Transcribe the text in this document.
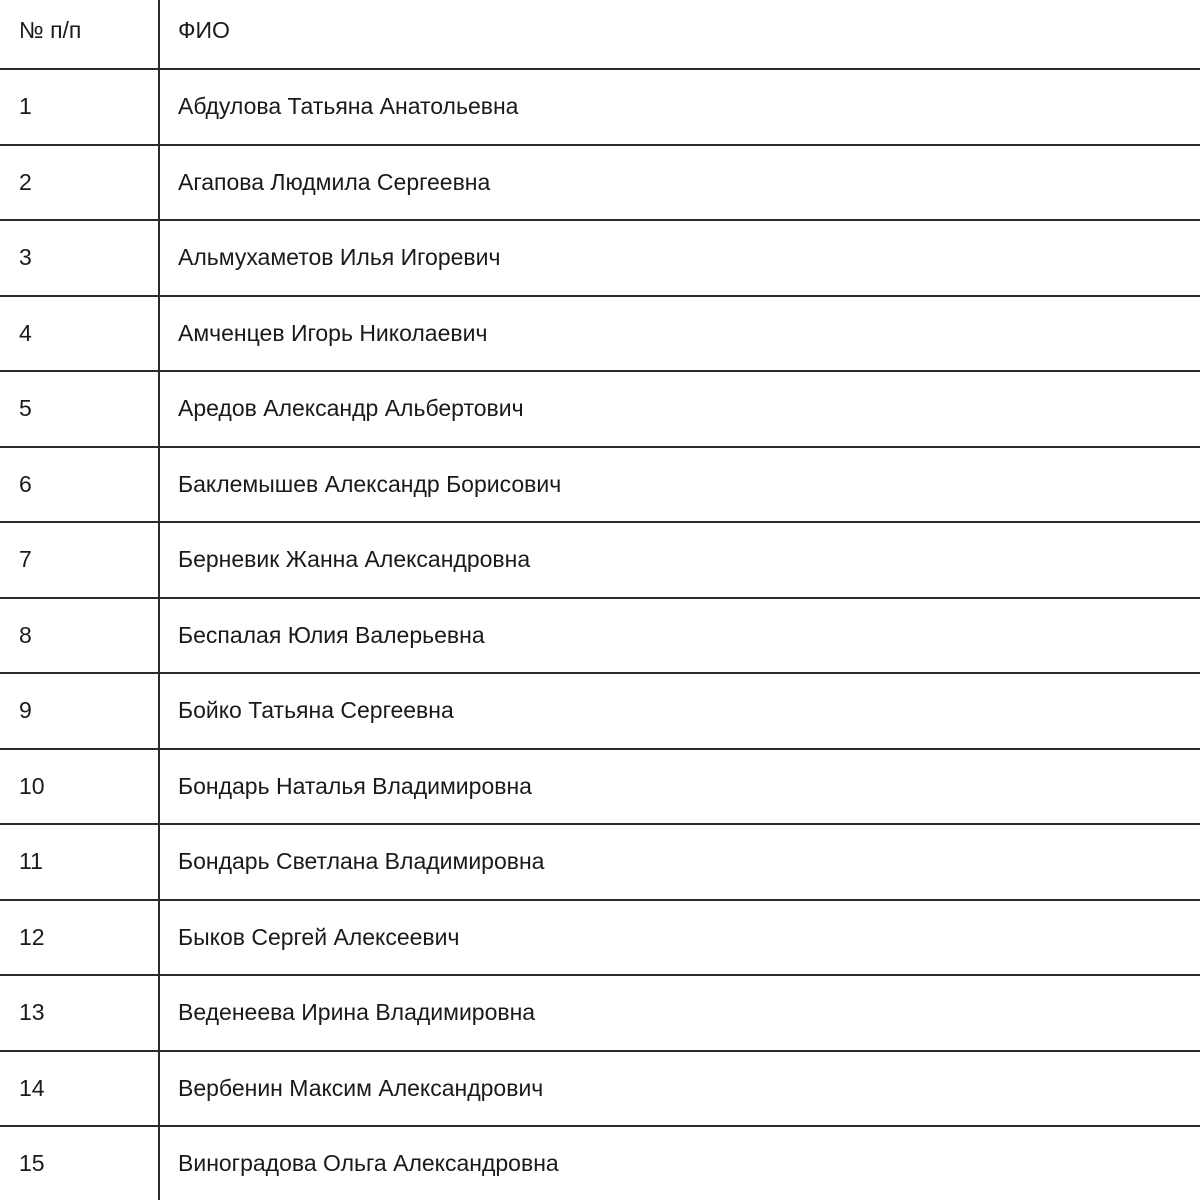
№ п/п	ФИО
1	Абдулова Татьяна Анатольевна
2	Агапова Людмила Сергеевна
3	Альмухаметов Илья Игоревич
4	Амченцев Игорь Николаевич
5	Аредов Александр Альбертович
6	Баклемышев Александр Борисович
7	Берневик Жанна Александровна
8	Беспалая Юлия Валерьевна
9	Бойко Татьяна Сергеевна
10	Бондарь Наталья Владимировна
11	Бондарь Светлана Владимировна
12	Быков Сергей Алексеевич
13	Веденеева Ирина Владимировна
14	Вербенин Максим Александрович
15	Виноградова Ольга Александровна
